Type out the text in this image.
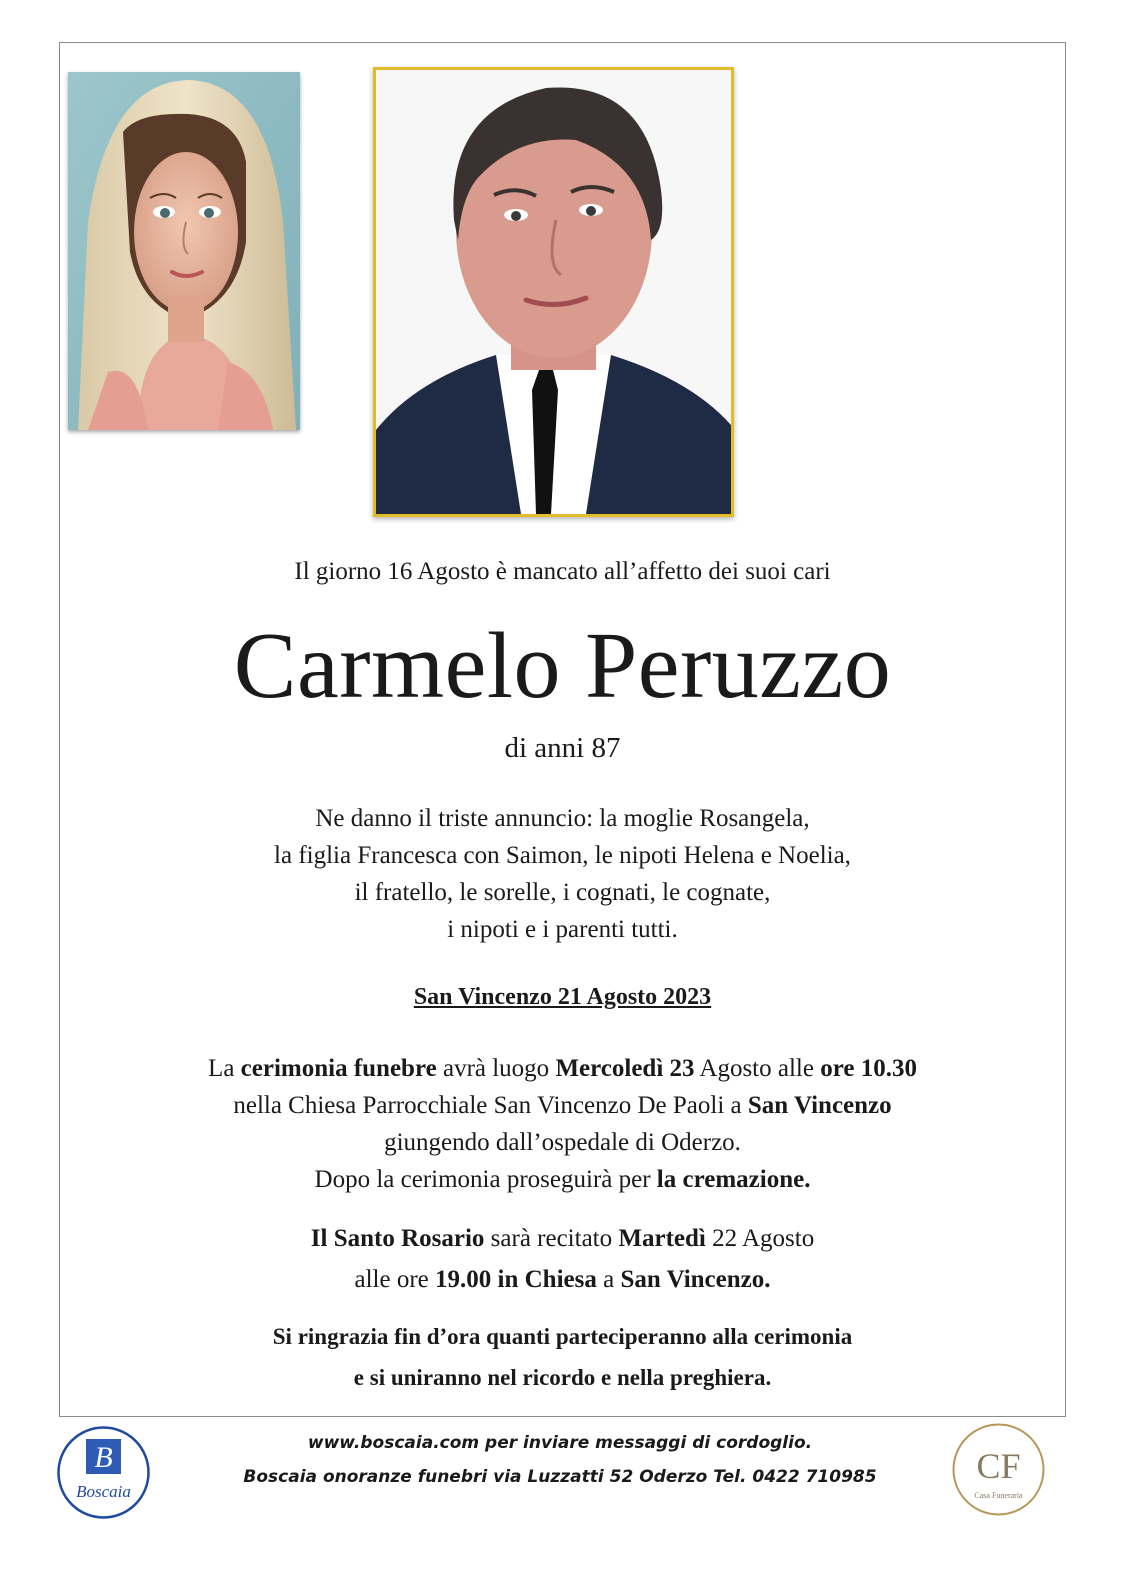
Il giorno 16 Agosto è mancato all’affetto dei suoi cari
Carmelo Peruzzo
di anni 87
Ne danno il triste annuncio: la moglie Rosangela,
la figlia Francesca con Saimon, le nipoti Helena e Noelia,
il fratello, le sorelle, i cognati, le cognate,
i nipoti e i parenti tutti.
San Vincenzo 21 Agosto 2023
La cerimonia funebre avrà luogo Mercoledì 23 Agosto alle ore 10.30
nella Chiesa Parrocchiale San Vincenzo De Paoli a San Vincenzo
giungendo dall’ospedale di Oderzo.
Dopo la cerimonia proseguirà per la cremazione.
Il Santo Rosario sarà recitato Martedì 22 Agosto
alle ore 19.00 in Chiesa a San Vincenzo.
Si ringrazia fin d’ora quanti parteciperanno alla cerimonia
e si uniranno nel ricordo e nella preghiera.
B
Boscaia
CF
Casa Funeraria
www.boscaia.com per inviare messaggi di cordoglio.
Boscaia onoranze funebri via Luzzatti 52 Oderzo Tel. 0422 710985
